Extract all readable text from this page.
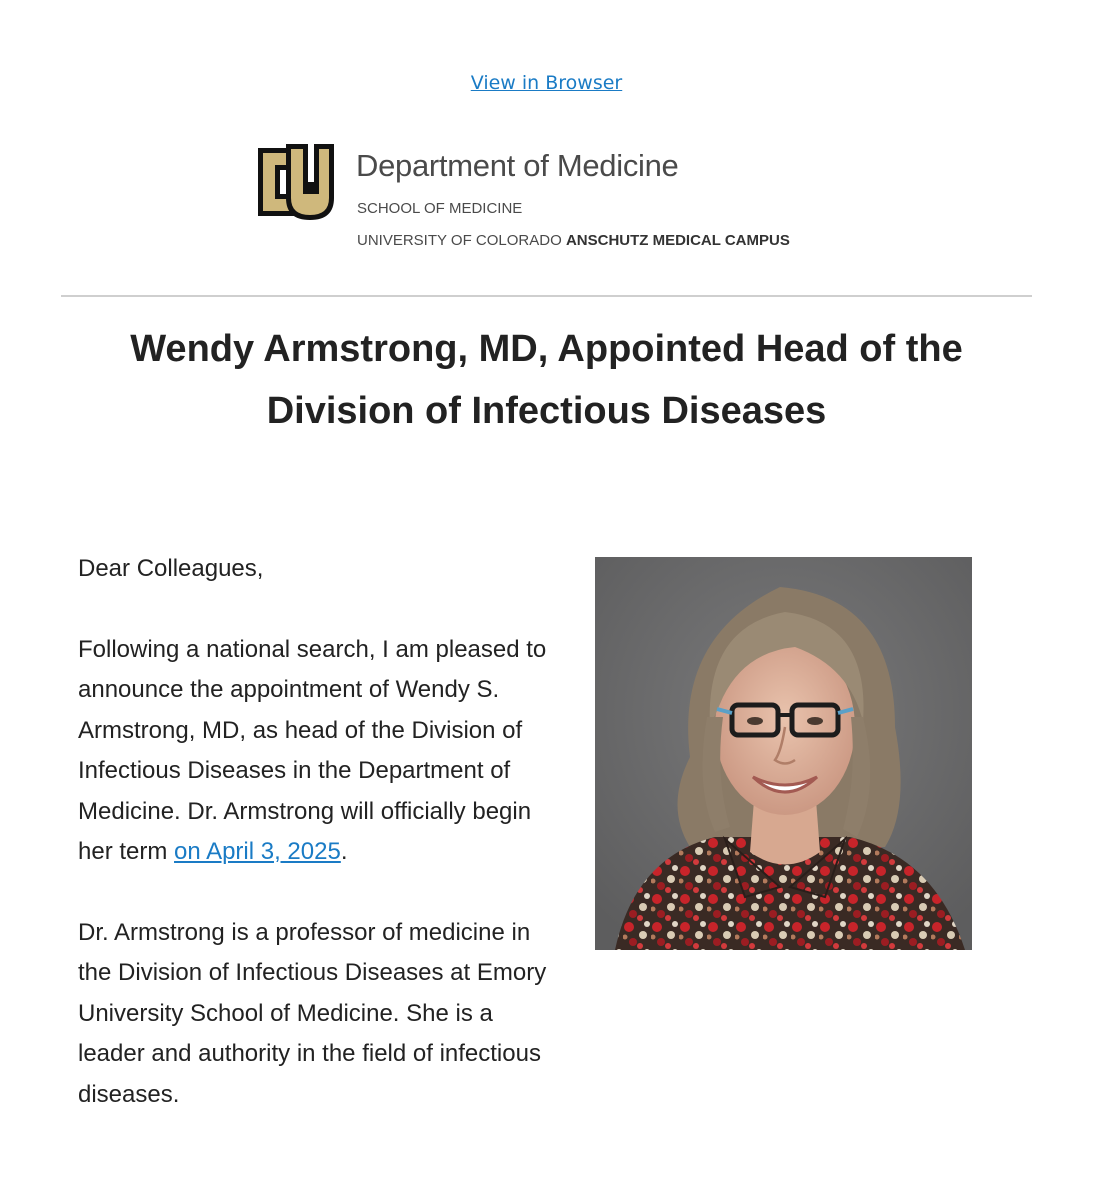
View in Browser
Department of Medicine
SCHOOL OF MEDICINE
UNIVERSITY OF COLORADO ANSCHUTZ MEDICAL CAMPUS
Wendy Armstrong, MD, Appointed Head of the Division of Infectious Diseases

Dear Colleagues,

Following a national search, I am pleased to announce the appointment of Wendy S. Armstrong, MD, as head of the Division of Infectious Diseases in the Department of Medicine. Dr. Armstrong will officially begin her term on April 3, 2025.

Dr. Armstrong is a professor of medicine in the Division of Infectious Diseases at Emory University School of Medicine. She is a leader and authority in the field of infectious diseases.
